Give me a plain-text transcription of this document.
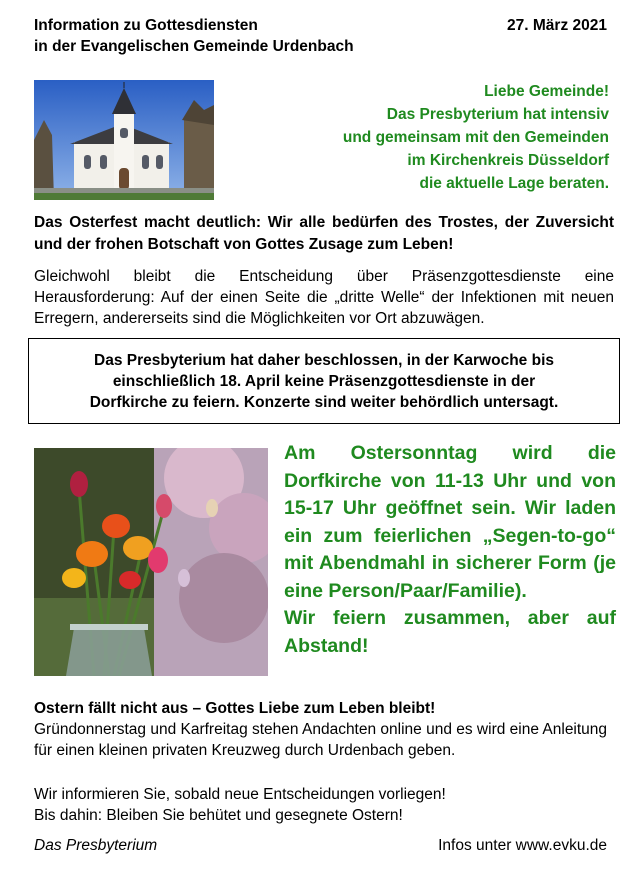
Information zu Gottesdiensten
in der Evangelischen Gemeinde Urdenbach
27. März 2021
Liebe Gemeinde!
Das Presbyterium hat intensiv
und gemeinsam mit den Gemeinden
im Kirchenkreis Düsseldorf
die aktuelle Lage beraten.
Das Osterfest macht deutlich: Wir alle bedürfen des Trostes, der Zuversicht und der frohen Botschaft von Gottes Zusage zum Leben!
Gleichwohl bleibt die Entscheidung über Präsenzgottesdienste eine Herausforderung: Auf der einen Seite die „dritte Welle“ der Infektionen mit neuen Erregern, andererseits sind die Möglichkeiten vor Ort abzuwägen.
Das Presbyterium hat daher beschlossen, in der Karwoche bis
einschließlich 18. April keine Präsenzgottesdienste in der
Dorfkirche zu feiern. Konzerte sind weiter behördlich untersagt.
Am Ostersonntag wird die Dorfkirche von 11-13 Uhr und von 15-17 Uhr geöffnet sein. Wir laden ein zum feierlichen „Segen-to-go“ mit Abendmahl in sicherer Form (je eine Person/Paar/Familie).
Wir feiern zusammen, aber auf Abstand!
Ostern fällt nicht aus – Gottes Liebe zum Leben bleibt!
Gründonnerstag und Karfreitag stehen Andachten online und es wird eine Anleitung für einen kleinen privaten Kreuzweg durch Urdenbach geben.
Wir informieren Sie, sobald neue Entscheidungen vorliegen!
Bis dahin: Bleiben Sie behütet und gesegnete Ostern!
Das Presbyterium	Infos unter www.evku.de
